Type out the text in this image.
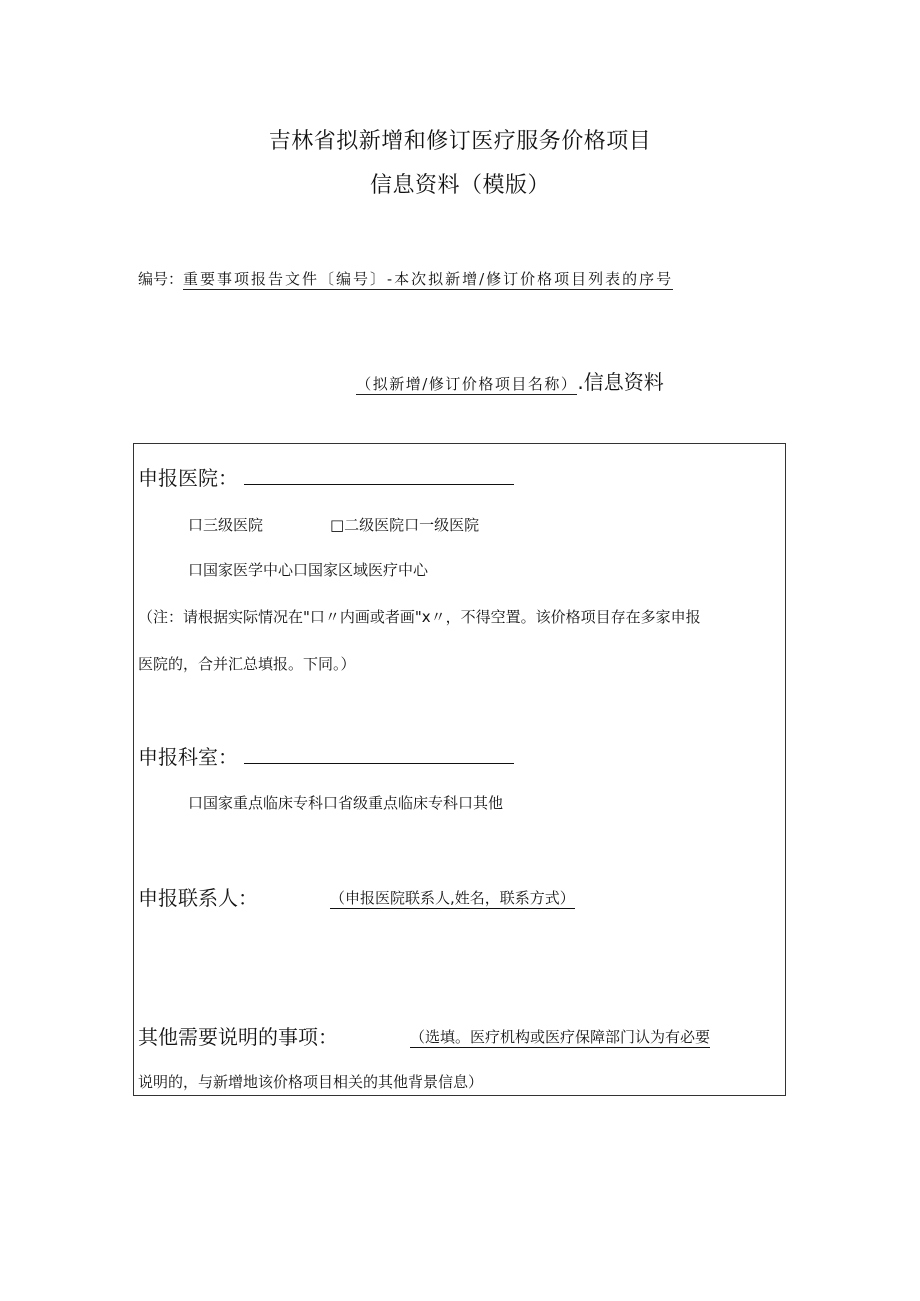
吉林省拟新增和修订医疗服务价格项目
信息资料（模版）
编号：重要事项报告文件〔编号〕-本次拟新增/修订价格项目列表的序号
（拟新增/修订价格项目名称）.信息资料
申报医院：
口三级医院	□二级医院口一级医院
口国家医学中心口国家区域医疗中心
（注：请根据实际情况在"口〃内画或者画"x〃，不得空置。该价格项目存在多家申报
医院的，合并汇总填报。下同。）
申报科室：
口国家重点临床专科口省级重点临床专科口其他
申报联系人：	（申报医院联系人,姓名，联系方式）
其他需要说明的事项：	（选填。医疗机构或医疗保障部门认为有必要
说明的，与新增地该价格项目相关的其他背景信息）
